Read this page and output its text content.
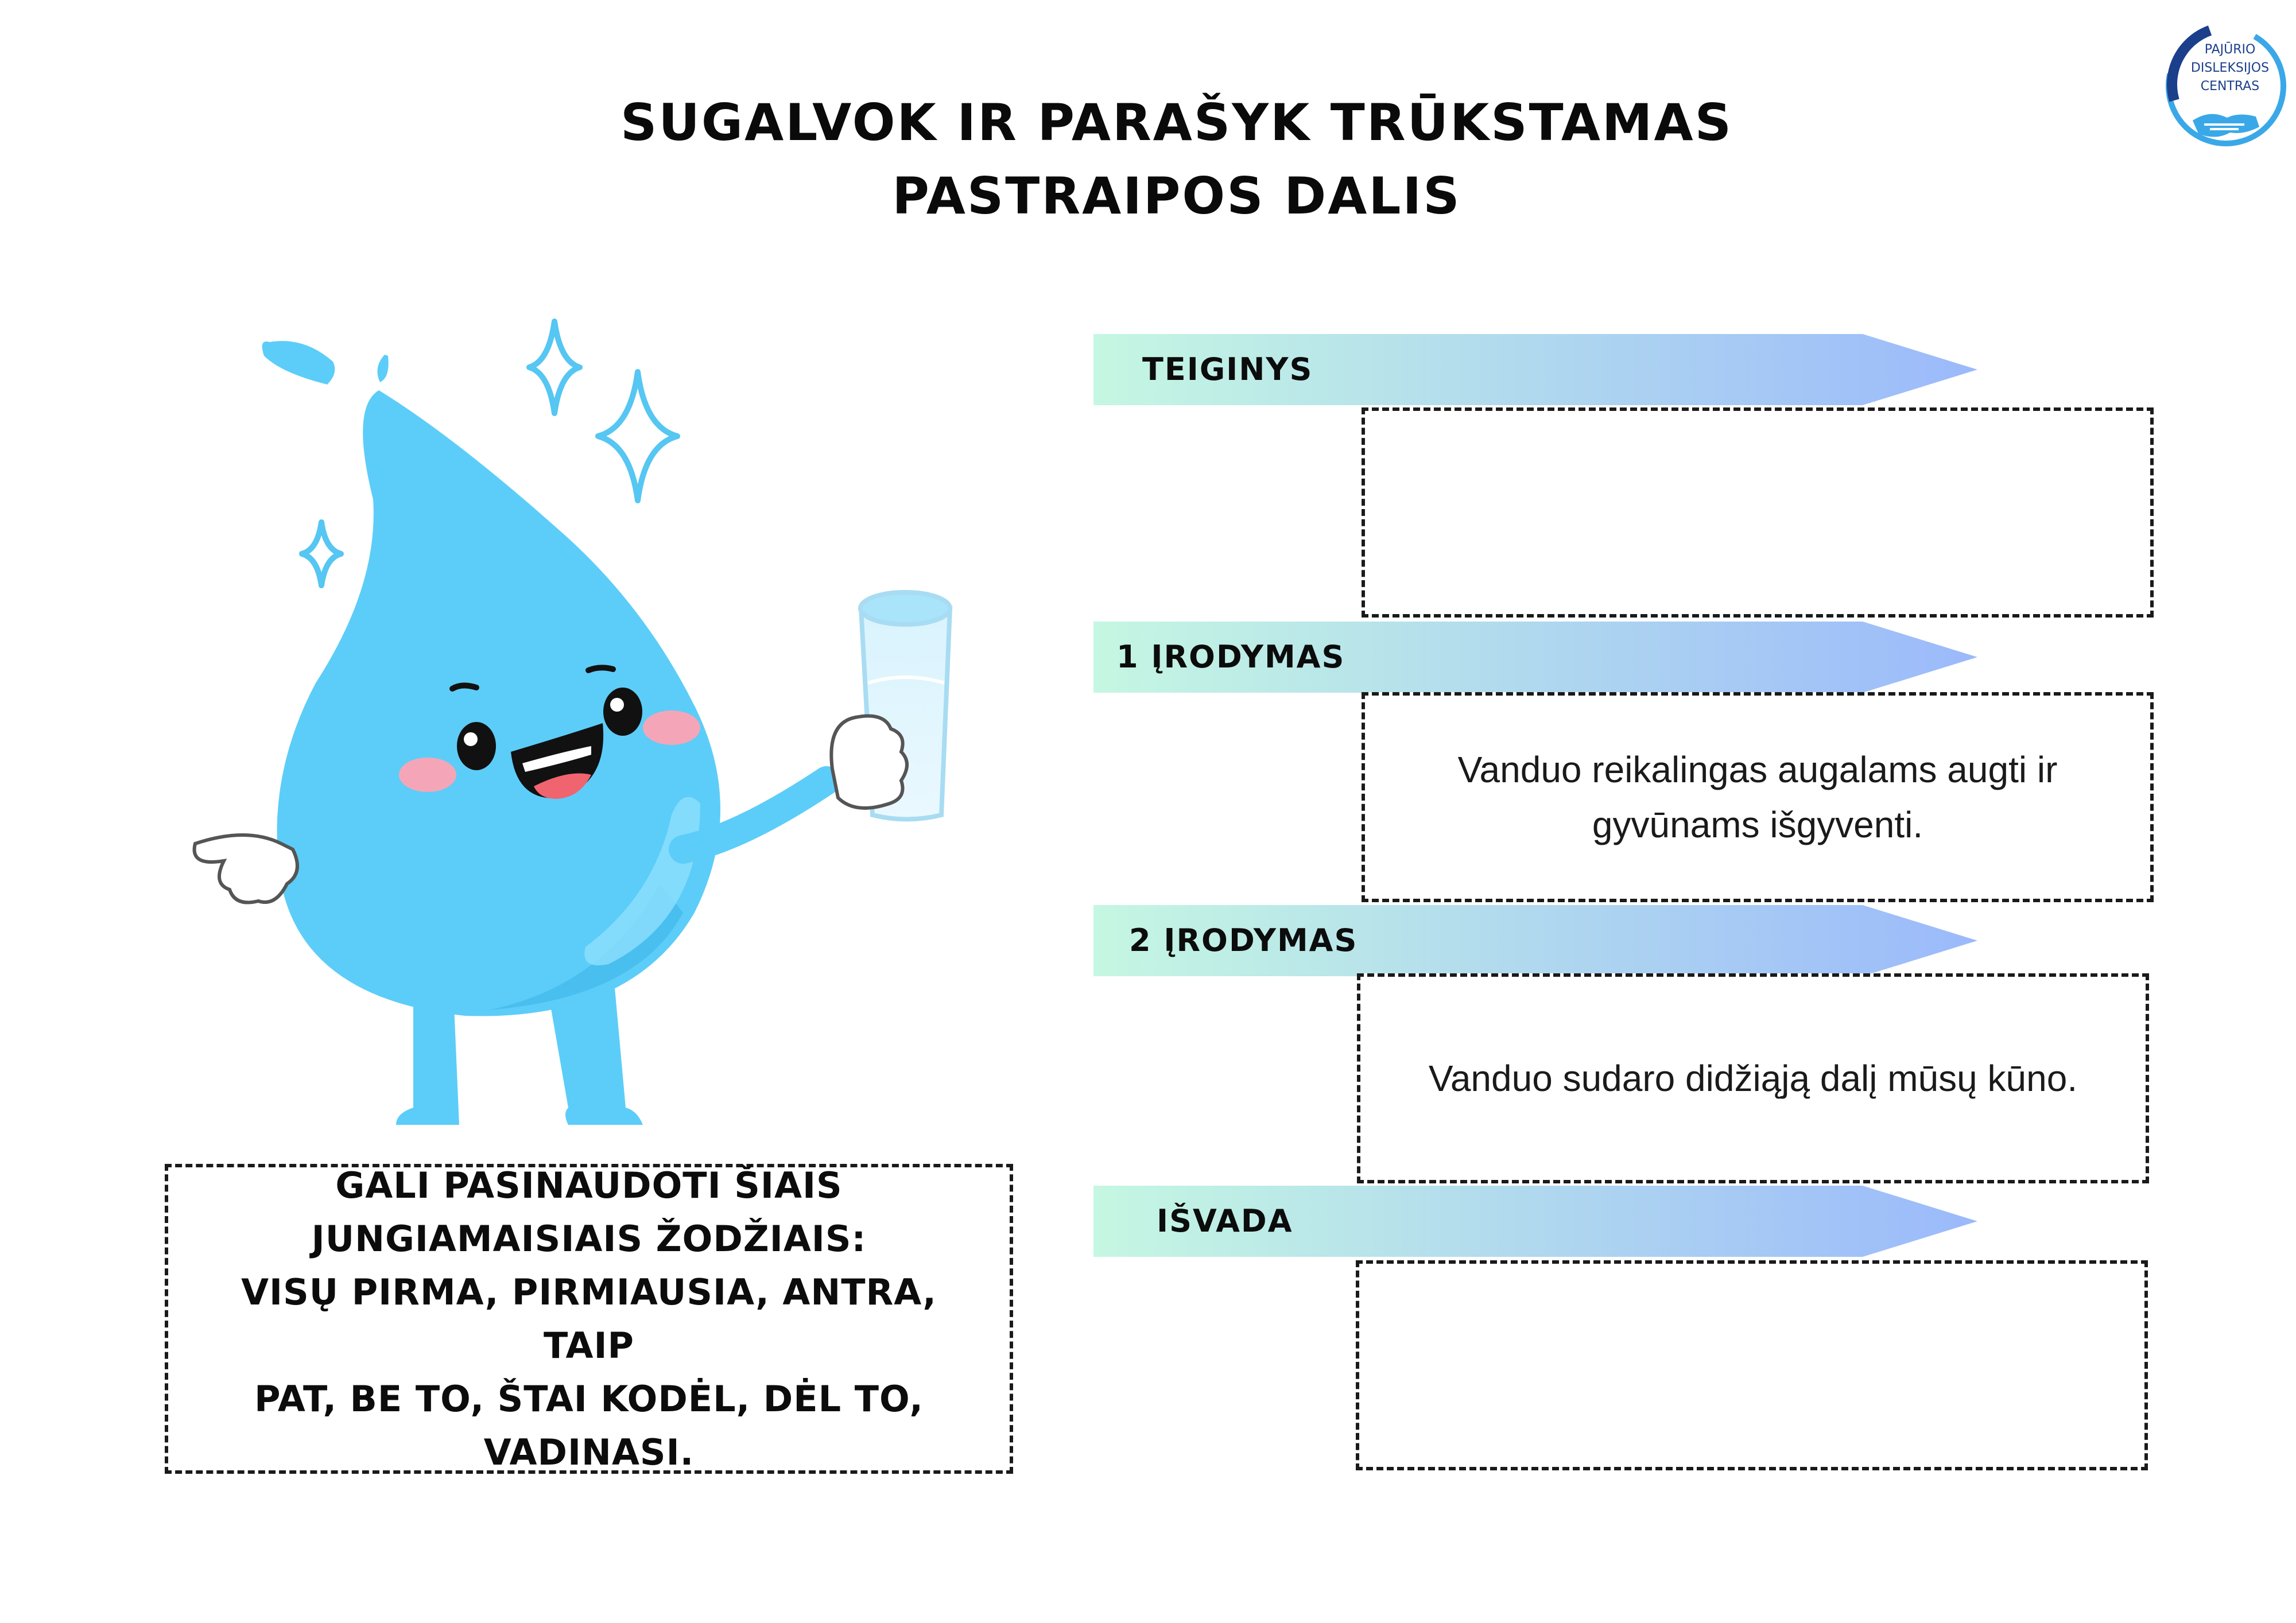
SUGALVOK IR PARAŠYK TRŪKSTAMAS
PASTRAIPOS DALIS
PAJŪRIO
DISLEKSIJOS
CENTRAS
TEIGINYS
1 ĮRODYMAS
Vanduo reikalingas augalams augti ir
gyvūnams išgyventi.
2 ĮRODYMAS
Vanduo sudaro didžiąją dalį mūsų kūno.
IŠVADA
GALI PASINAUDOTI ŠIAIS
JUNGIAMAISIAIS ŽODŽIAIS:
VISŲ PIRMA, PIRMIAUSIA, ANTRA, TAIP
PAT, BE TO, ŠTAI KODĖL, DĖL TO,
VADINASI.
